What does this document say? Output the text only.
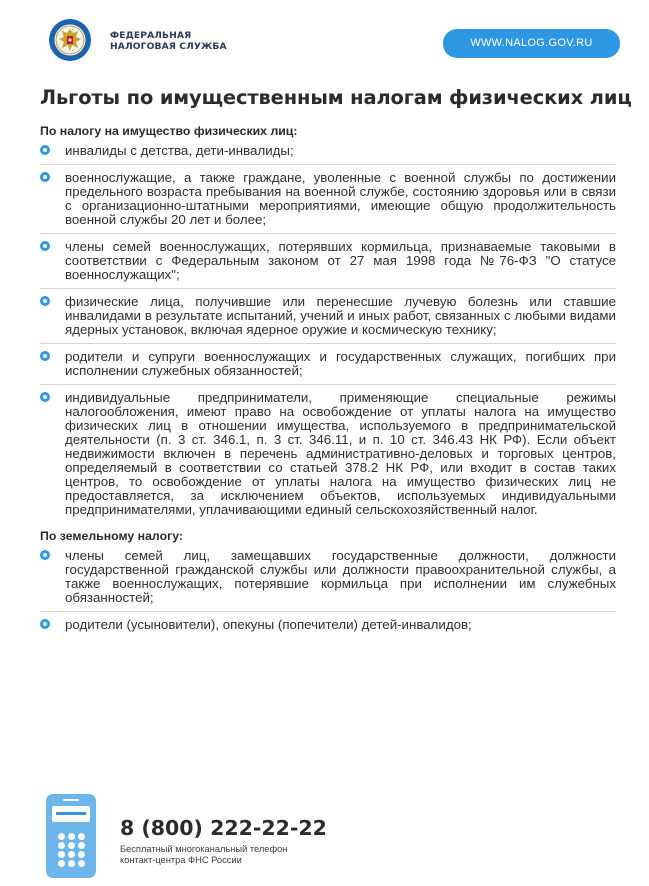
ФЕДЕРАЛЬНАЯ
НАЛОГОВАЯ СЛУЖБА	WWW.NALOG.GOV.RU
Льготы по имущественным налогам физических лиц
По налогу на имущество физических лиц:
инвалиды с детства, дети-инвалиды;
военнослужащие, а также граждане, уволенные с военной службы по достижении предельного возраста пребывания на военной службе, состоянию здоровья или в связи с организационно-штатными мероприятиями, имеющие общую продолжительность военной службы 20 лет и более;
члены семей военнослужащих, потерявших кормильца, признаваемые таковыми в соответствии с Федеральным законом от 27 мая 1998 года №76-ФЗ "О статусе военнослужащих";
физические лица, получившие или перенесшие лучевую болезнь или ставшие инвалидами в результате испытаний, учений и иных работ, связанных с любыми видами ядерных установок, включая ядерное оружие и космическую технику;
родители и супруги военнослужащих и государственных служащих, погибших при исполнении служебных обязанностей;
индивидуальные предприниматели, применяющие специальные режимы налогообложения, имеют право на освобождение от уплаты налога на имущество физических лиц в отношении имущества, используемого в предпринимательской деятельности (п. 3 ст. 346.1, п. 3 ст. 346.11, и п. 10 ст. 346.43 НК РФ). Если объект недвижимости включен в перечень административно-деловых и торговых центров, определяемый в соответствии со статьей 378.2 НК РФ, или входит в состав таких центров, то освобождение от уплаты налога на имущество физических лиц не предоставляется, за исключением объектов, используемых индивидуальными предпринимателями, уплачивающими единый сельскохозяйственный налог.
По земельному налогу:
члены семей лиц, замещавших государственные должности, должности государственной гражданской службы или должности правоохранительной службы, а также военнослужащих, потерявшие кормильца при исполнении им служебных обязанностей;
родители (усыновители), опекуны (попечители) детей-инвалидов;
8 (800) 222-22-22
Бесплатный многоканальный телефон
контакт-центра ФНС России
